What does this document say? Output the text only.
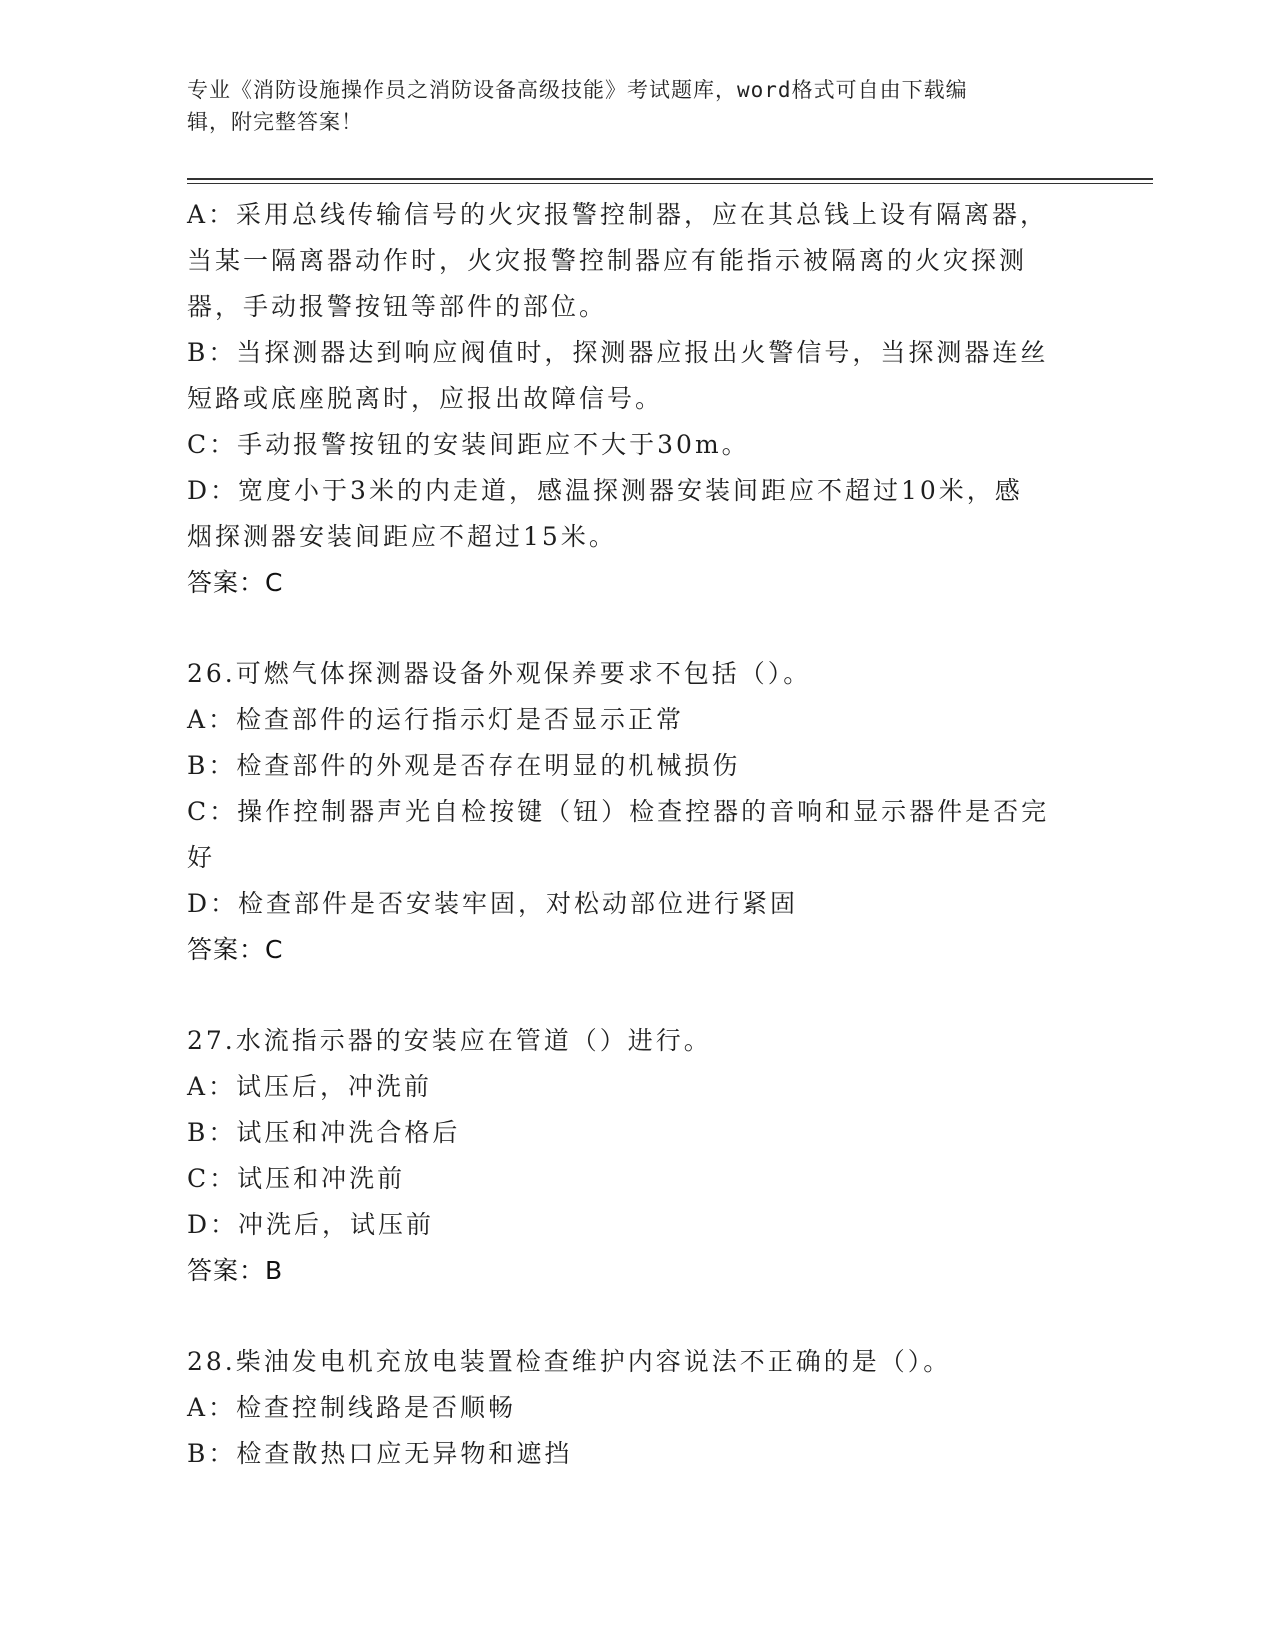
专业《消防设施操作员之消防设备高级技能》考试题库，word格式可自由下载编
辑，附完整答案！
A：采用总线传输信号的火灾报警控制器，应在其总钱上设有隔离器，
当某一隔离器动作时，火灾报警控制器应有能指示被隔离的火灾探测
器，手动报警按钮等部件的部位。
B：当探测器达到响应阀值时，探测器应报出火警信号，当探测器连丝
短路或底座脱离时，应报出故障信号。
C：手动报警按钮的安装间距应不大于30m。
D：宽度小于3米的内走道，感温探测器安装间距应不超过10米，感
烟探测器安装间距应不超过15米。
答案：C
26.可燃气体探测器设备外观保养要求不包括（）。
A：检查部件的运行指示灯是否显示正常
B：检查部件的外观是否存在明显的机械损伤
C：操作控制器声光自检按键（钮）检查控器的音响和显示器件是否完
好
D：检查部件是否安装牢固，对松动部位进行紧固
答案：C
27.水流指示器的安装应在管道（）进行。
A：试压后，冲洗前
B：试压和冲洗合格后
C：试压和冲洗前
D：冲洗后，试压前
答案：B
28.柴油发电机充放电装置检查维护内容说法不正确的是（）。
A：检查控制线路是否顺畅
B：检查散热口应无异物和遮挡
